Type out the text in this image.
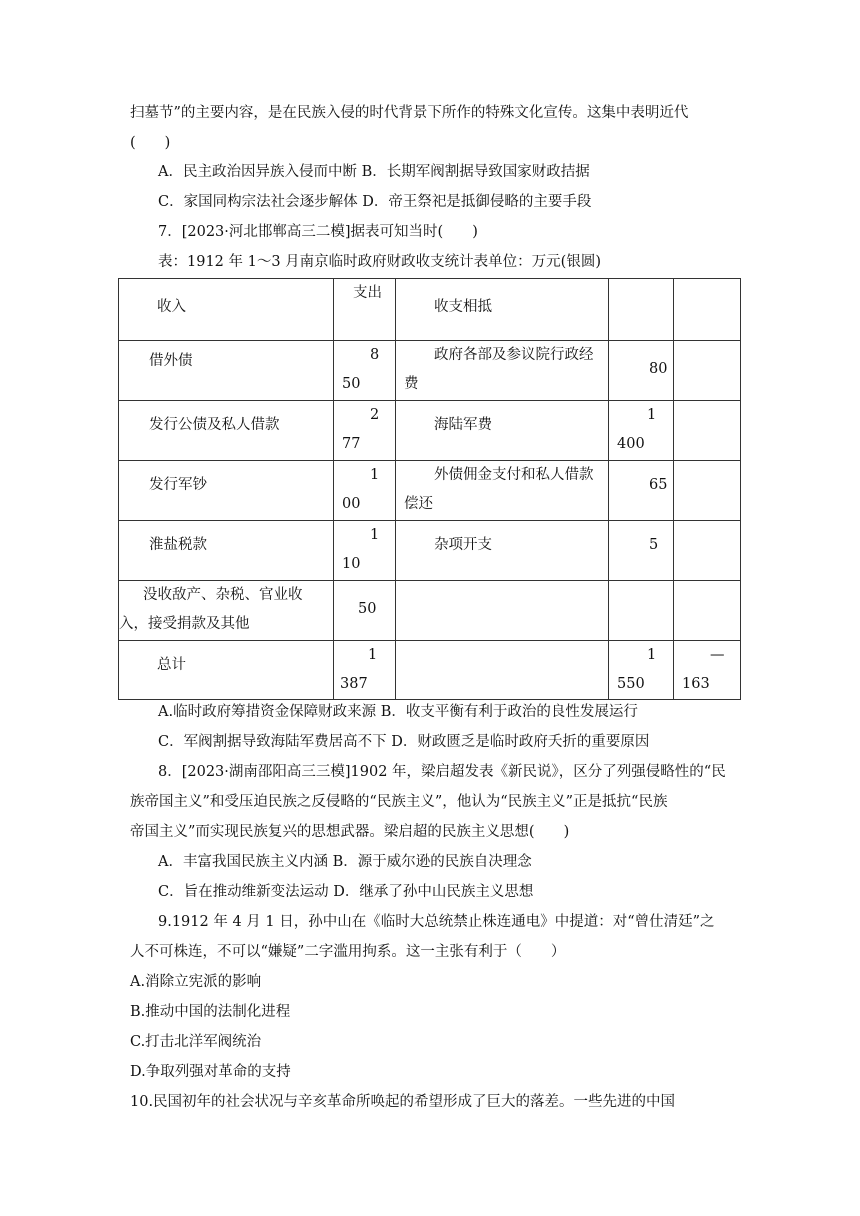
扫墓节”的主要内容，是在民族入侵的时代背景下所作的特殊文化宣传。这集中表明近代
(　　)
A．民主政治因异族入侵而中断 B．长期军阀割据导致国家财政拮据
C．家国同构宗法社会逐步解体 D．帝王祭祀是抵御侵略的主要手段
7．[2023·河北邯郸高三二模]据表可知当时(　　)
表：1912 年 1～3 月南京临时政府财政收支统计表单位：万元(银圆)
收入	支出	收支相抵		

借外债	850	政府各部及参议院行政经费	80	

发行公债及私人借款	277	海陆军费	1400	

发行军钞	100	外债佣金支付和私人借款偿还	65	

淮盐税款	110	杂项开支	5	

没收敌产、杂税、官业收入，接受捐款及其他	50			

总计	1387		1550	—163
A.临时政府筹措资金保障财政来源 B．收支平衡有利于政治的良性发展运行
C．军阀割据导致海陆军费居高不下 D．财政匮乏是临时政府夭折的重要原因
8．[2023·湖南邵阳高三三模]1902 年，梁启超发表《新民说》，区分了列强侵略性的“民
族帝国主义”和受压迫民族之反侵略的“民族主义”，他认为“民族主义”正是抵抗“民族
帝国主义”而实现民族复兴的思想武器。梁启超的民族主义思想(　　)
A．丰富我国民族主义内涵 B．源于威尔逊的民族自决理念
C．旨在推动维新变法运动 D．继承了孙中山民族主义思想
9.1912 年 4 月 1 日，孙中山在《临时大总统禁止株连通电》中提道：对“曾仕清廷”之
人不可株连，不可以“嫌疑”二字滥用拘系。这一主张有利于（　　）
A.消除立宪派的影响
B.推动中国的法制化进程
C.打击北洋军阀统治
D.争取列强对革命的支持
10.民国初年的社会状况与辛亥革命所唤起的希望形成了巨大的落差。一些先进的中国
